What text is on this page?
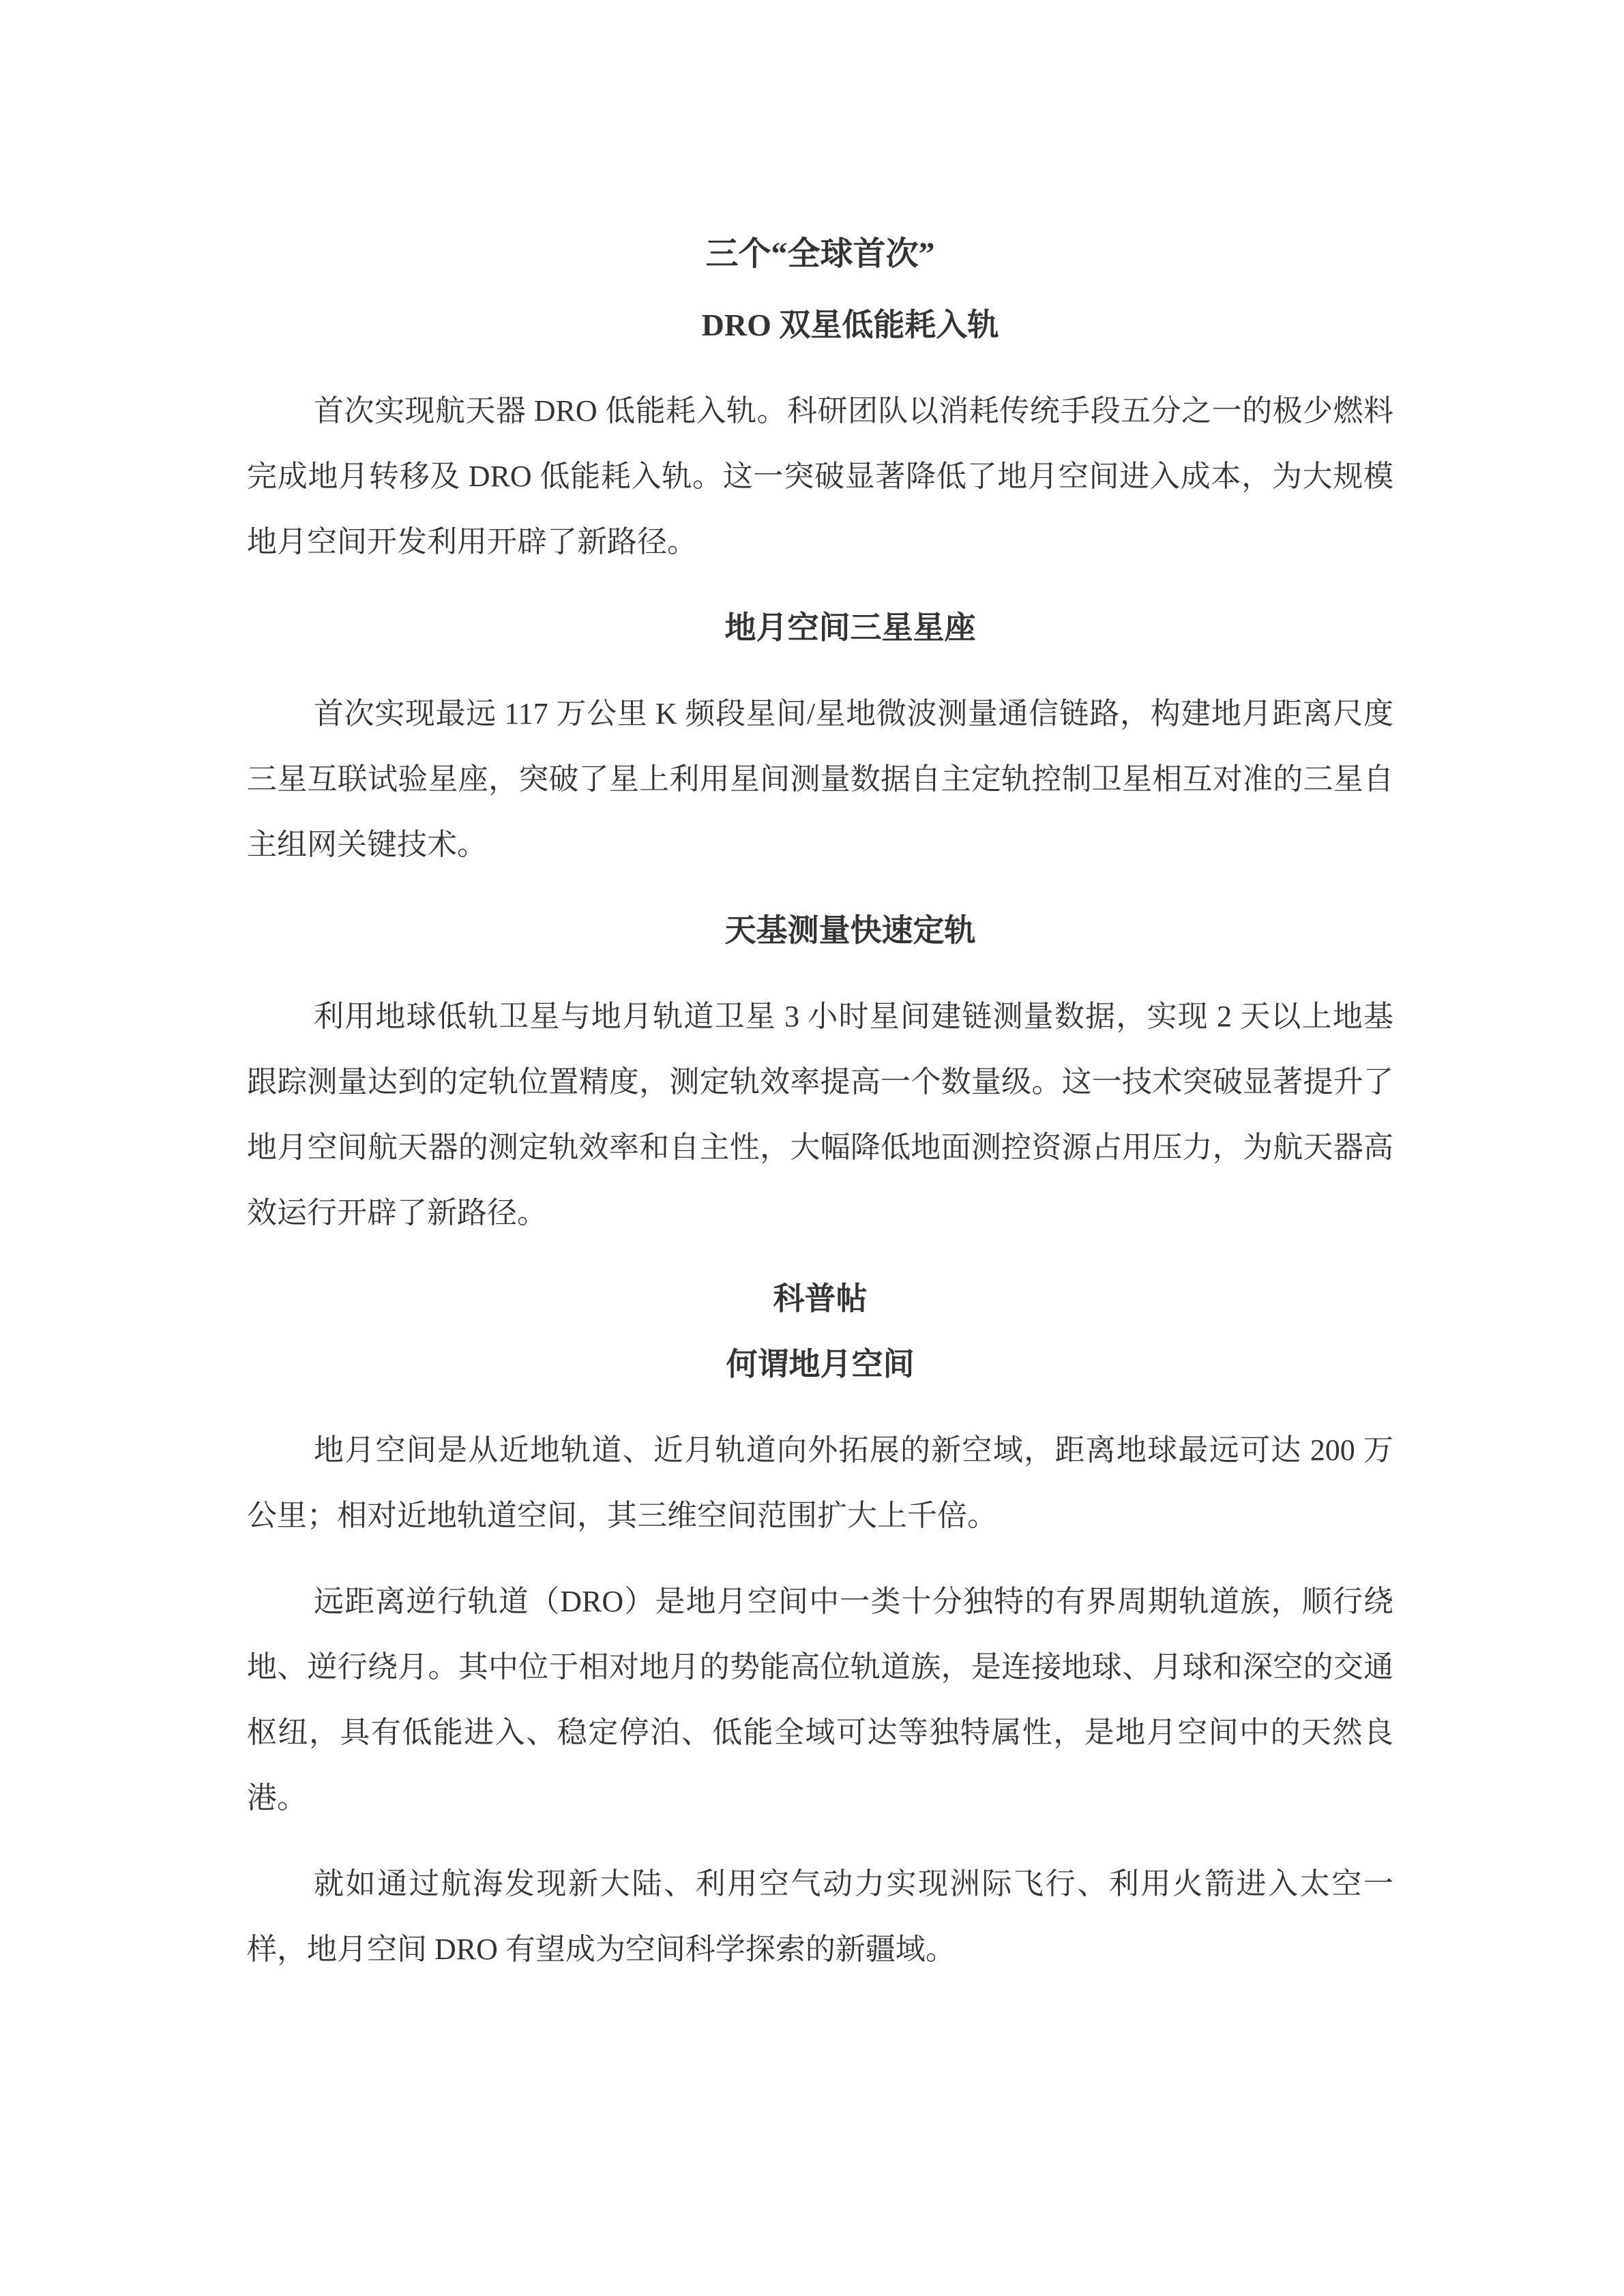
三个“全球首次”
DRO 双星低能耗入轨

首次实现航天器 DRO 低能耗入轨。科研团队以消耗传统手段五分之一的极少燃料完成地月转移及 DRO 低能耗入轨。这一突破显著降低了地月空间进入成本，为大规模地月空间开发利用开辟了新路径。

地月空间三星星座

首次实现最远 117 万公里 K 频段星间/星地微波测量通信链路，构建地月距离尺度三星互联试验星座，突破了星上利用星间测量数据自主定轨控制卫星相互对准的三星自主组网关键技术。

天基测量快速定轨

利用地球低轨卫星与地月轨道卫星 3 小时星间建链测量数据，实现 2 天以上地基跟踪测量达到的定轨位置精度，测定轨效率提高一个数量级。这一技术突破显著提升了地月空间航天器的测定轨效率和自主性，大幅降低地面测控资源占用压力，为航天器高效运行开辟了新路径。

科普帖
何谓地月空间

地月空间是从近地轨道、近月轨道向外拓展的新空域，距离地球最远可达 200 万公里；相对近地轨道空间，其三维空间范围扩大上千倍。

远距离逆行轨道（DRO）是地月空间中一类十分独特的有界周期轨道族，顺行绕地、逆行绕月。其中位于相对地月的势能高位轨道族，是连接地球、月球和深空的交通枢纽，具有低能进入、稳定停泊、低能全域可达等独特属性，是地月空间中的天然良港。

就如通过航海发现新大陆、利用空气动力实现洲际飞行、利用火箭进入太空一样，地月空间 DRO 有望成为空间科学探索的新疆域。
